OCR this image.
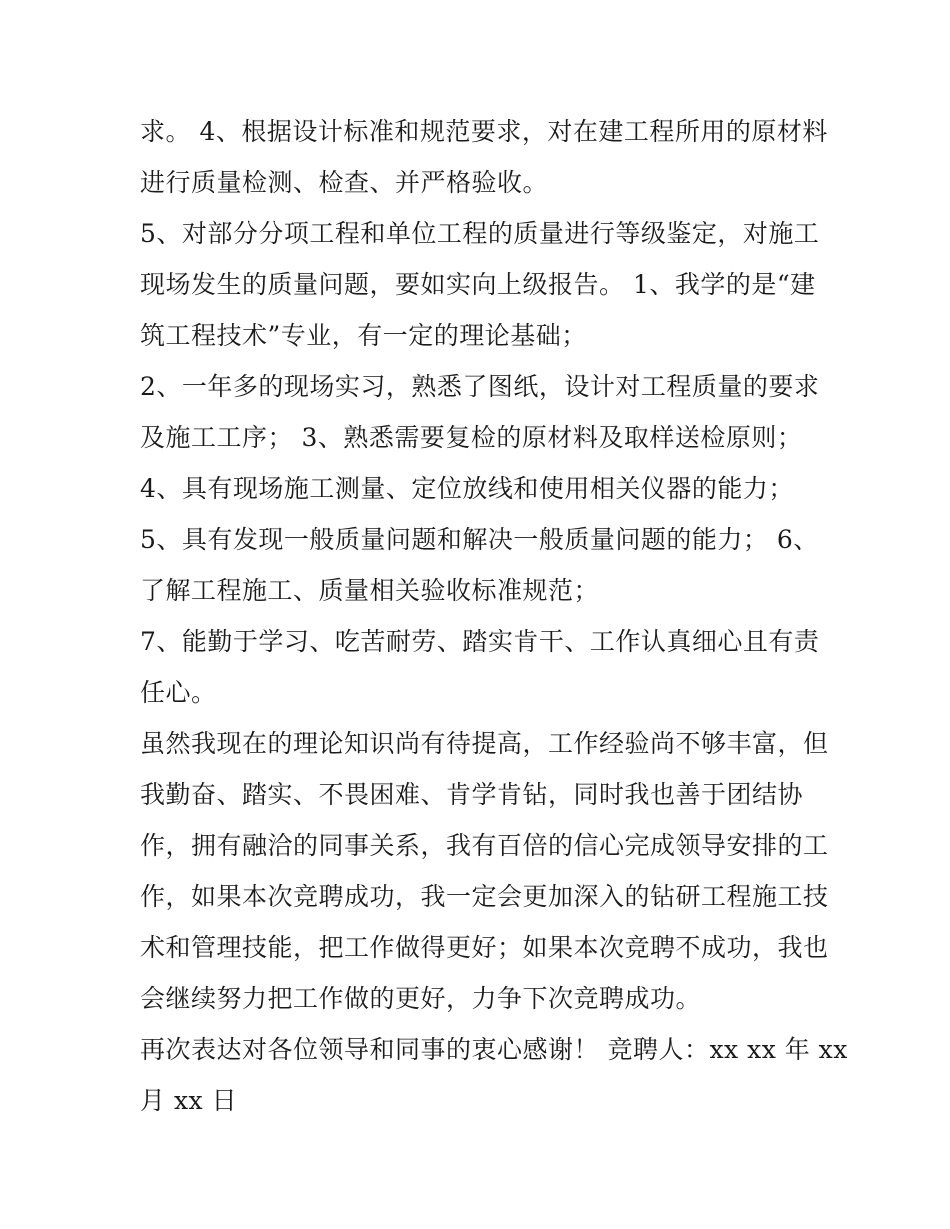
求。 4、根据设计标准和规范要求，对在建工程所用的原材料
进行质量检测、检查、并严格验收。
5、对部分分项工程和单位工程的质量进行等级鉴定，对施工
现场发生的质量问题，要如实向上级报告。 1、我学的是“建
筑工程技术”专业，有一定的理论基础；
2、一年多的现场实习，熟悉了图纸，设计对工程质量的要求
及施工工序； 3、熟悉需要复检的原材料及取样送检原则；
4、具有现场施工测量、定位放线和使用相关仪器的能力；
5、具有发现一般质量问题和解决一般质量问题的能力； 6、
了解工程施工、质量相关验收标准规范；
7、能勤于学习、吃苦耐劳、踏实肯干、工作认真细心且有责
任心。
虽然我现在的理论知识尚有待提高，工作经验尚不够丰富，但
我勤奋、踏实、不畏困难、肯学肯钻，同时我也善于团结协
作，拥有融洽的同事关系，我有百倍的信心完成领导安排的工
作，如果本次竞聘成功，我一定会更加深入的钻研工程施工技
术和管理技能，把工作做得更好；如果本次竞聘不成功，我也
会继续努力把工作做的更好，力争下次竞聘成功。
再次表达对各位领导和同事的衷心感谢！ 竞聘人：xx xx 年 xx
月 xx 日
